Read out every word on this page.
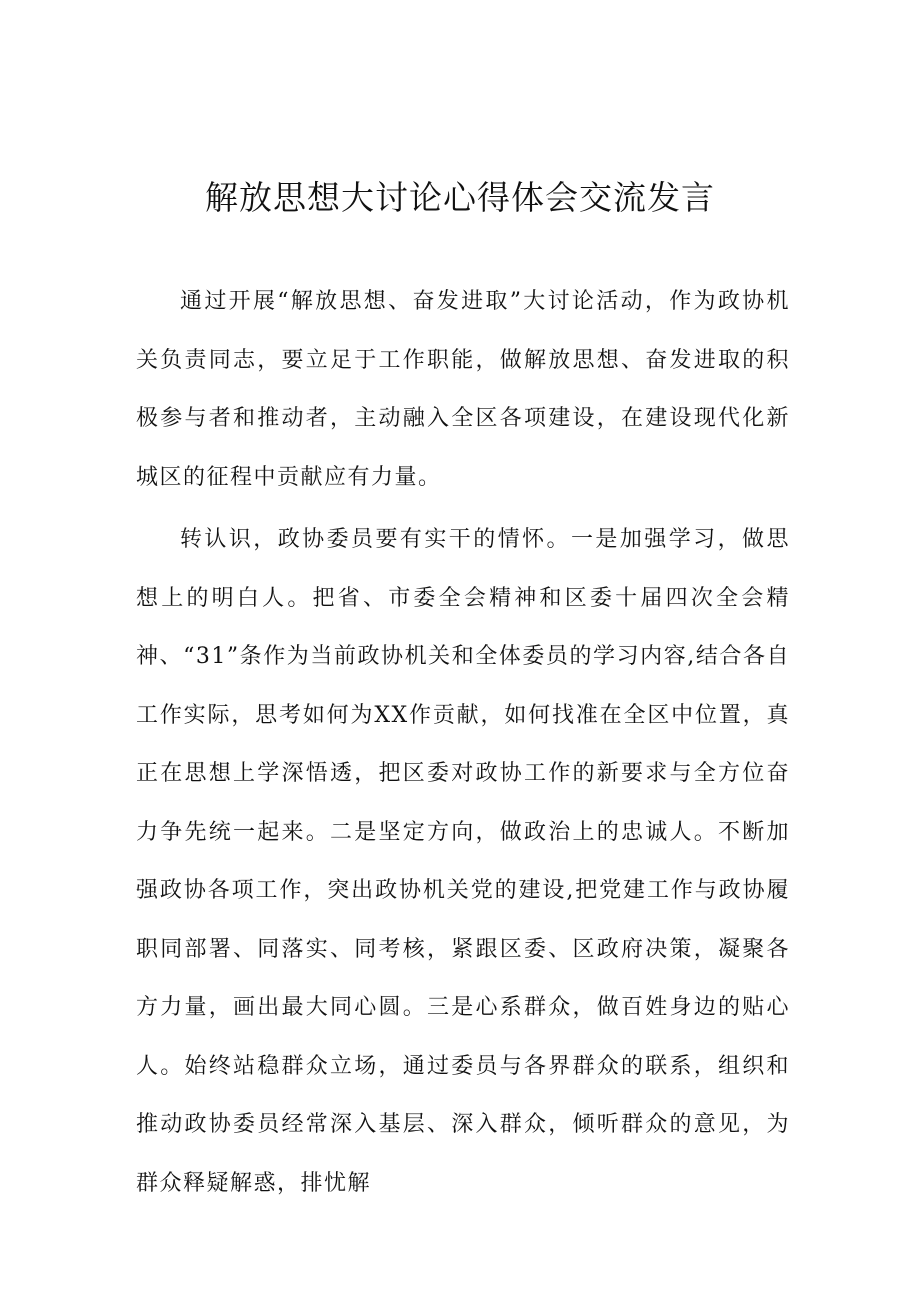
解放思想大讨论心得体会交流发言

通过开展“解放思想、奋发进取”大讨论活动，作为政协机关负责同志，要立足于工作职能，做解放思想、奋发进取的积极参与者和推动者，主动融入全区各项建设，在建设现代化新城区的征程中贡献应有力量。

转认识，政协委员要有实干的情怀。一是加强学习，做思想上的明白人。把省、市委全会精神和区委十届四次全会精神、“31”条作为当前政协机关和全体委员的学习内容,结合各自工作实际，思考如何为XX作贡献，如何找准在全区中位置，真正在思想上学深悟透，把区委对政协工作的新要求与全方位奋力争先统一起来。二是坚定方向，做政治上的忠诚人。不断加强政协各项工作，突出政协机关党的建设,把党建工作与政协履职同部署、同落实、同考核，紧跟区委、区政府决策，凝聚各方力量，画出最大同心圆。三是心系群众，做百姓身边的贴心人。始终站稳群众立场，通过委员与各界群众的联系，组织和推动政协委员经常深入基层、深入群众，倾听群众的意见，为群众释疑解惑，排忧解
